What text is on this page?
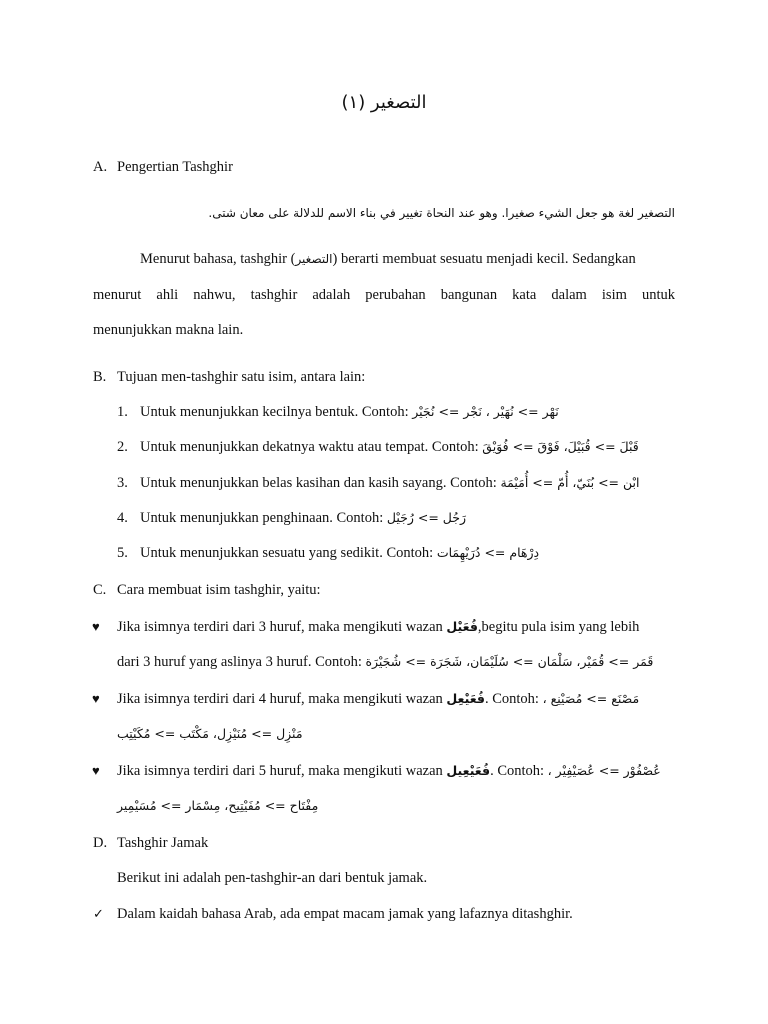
التصغير (١)
A. Pengertian Tashghir
التصغير لغة هو جعل الشيء صغيرا. وهو عند النحاة تغيير في بناء الاسم للدلالة على معان شتى.
Menurut bahasa, tashghir (التصغير) berarti membuat sesuatu menjadi kecil. Sedangkan
menurut ahli nahwu, tashghir adalah perubahan bangunan kata dalam isim untuk
menunjukkan makna lain.
B. Tujuan men-tashghir satu isim, antara lain:
1. Untuk menunjukkan kecilnya bentuk. Contoh: نَهْر => نُهَيْر ، نَجْر => نُجَيْر
2. Untuk menunjukkan dekatnya waktu atau tempat. Contoh: قَبْلَ => قُبَيْلَ، فَوْقَ => فُوَيْقَ
3. Untuk menunjukkan belas kasihan dan kasih sayang. Contoh: ابْن => بُنَيّ، أُمّ => أُمَيْمَة
4. Untuk menunjukkan penghinaan. Contoh: رَجُل => رُجَيْل
5. Untuk menunjukkan sesuatu yang sedikit. Contoh: دِرْهَام => دُرَيْهِمَات
C. Cara membuat isim tashghir, yaitu:
♥ Jika isimnya terdiri dari 3 huruf, maka mengikuti wazan فُعَيْل,begitu pula isim yang lebih
dari 3 huruf yang aslinya 3 huruf. Contoh: قَمَر => قُمَيْر، سَلْمَان => سُلَيْمَان، شَجَرَة => شُجَيْرَة
♥ Jika isimnya terdiri dari 4 huruf, maka mengikuti wazan فُعَيْعِل. Contoh: مَصْنَع => مُصَيْنِع ،
مَنْزِل => مُنَيْزِل، مَكْتَب => مُكَيْتِب
♥ Jika isimnya terdiri dari 5 huruf, maka mengikuti wazan فُعَيْعِيل. Contoh: عُصْفُوْر => عُصَيْفِيْر ،
مِفْتَاح => مُفَيْتِيح، مِسْمَار => مُسَيْمِير
D. Tashghir Jamak
Berikut ini adalah pen-tashghir-an dari bentuk jamak.
✓ Dalam kaidah bahasa Arab, ada empat macam jamak yang lafaznya ditashghir.
